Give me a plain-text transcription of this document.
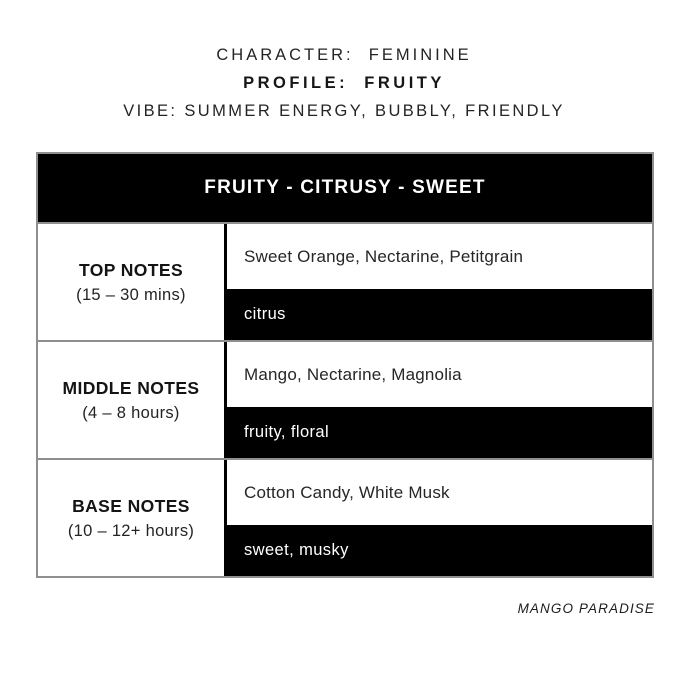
CHARACTER:  FEMININE
PROFILE:  FRUITY
VIBE: SUMMER ENERGY, BUBBLY, FRIENDLY
FRUITY - CITRUSY - SWEET
TOP NOTES
(15 – 30 mins)
Sweet Orange, Nectarine, Petitgrain
citrus
MIDDLE NOTES
(4 – 8 hours)
Mango, Nectarine, Magnolia
fruity, floral
BASE NOTES
(10 – 12+ hours)
Cotton Candy, White Musk
sweet, musky
MANGO PARADISE
